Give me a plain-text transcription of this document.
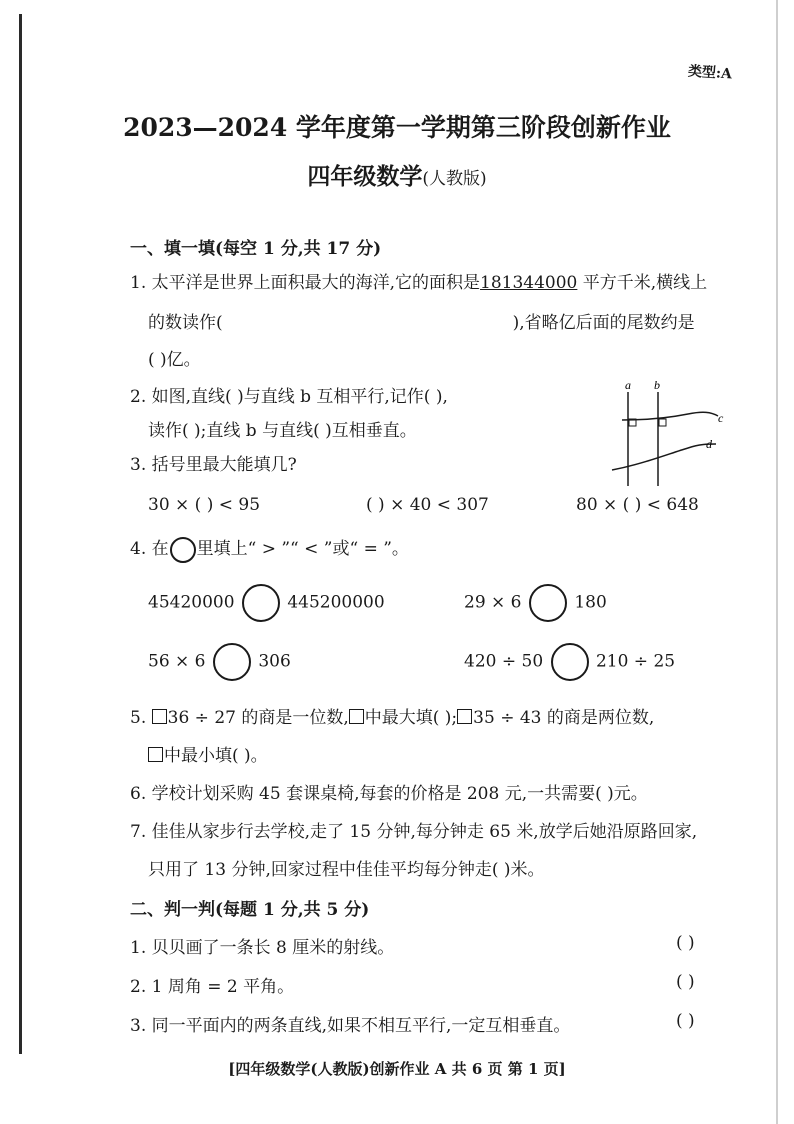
类型:A
2023—2024 学年度第一学期第三阶段创新作业
四年级数学(人教版)
一、填一填(每空 1 分,共 17 分)
1. 太平洋是世界上面积最大的海洋,它的面积是181344000 平方千米,横线上
的数读作(	),省略亿后面的尾数约是
( )亿。
2. 如图,直线( )与直线 b 互相平行,记作( ),
读作( );直线 b 与直线( )互相垂直。
a b
c
d
3. 括号里最大能填几?
30 × ( ) < 95	( ) × 40 < 307	80 × ( ) < 648
4. 在 里填上“ > ”“ < ”或“ = ”。
45420000	445200000	29 × 6	180
56 × 6	306	420 ÷ 50	210 ÷ 25
5. 36 ÷ 27 的商是一位数, 中最大填( ); 35 ÷ 43 的商是两位数,
中最小填( )。
6. 学校计划采购 45 套课桌椅,每套的价格是 208 元,一共需要( )元。
7. 佳佳从家步行去学校,走了 15 分钟,每分钟走 65 米,放学后她沿原路回家,
只用了 13 分钟,回家过程中佳佳平均每分钟走( )米。
二、判一判(每题 1 分,共 5 分)
1. 贝贝画了一条长 8 厘米的射线。	( )
2. 1 周角 = 2 平角。	( )
3. 同一平面内的两条直线,如果不相互平行,一定互相垂直。	( )
[四年级数学(人教版)创新作业 A 共 6 页 第 1 页]
